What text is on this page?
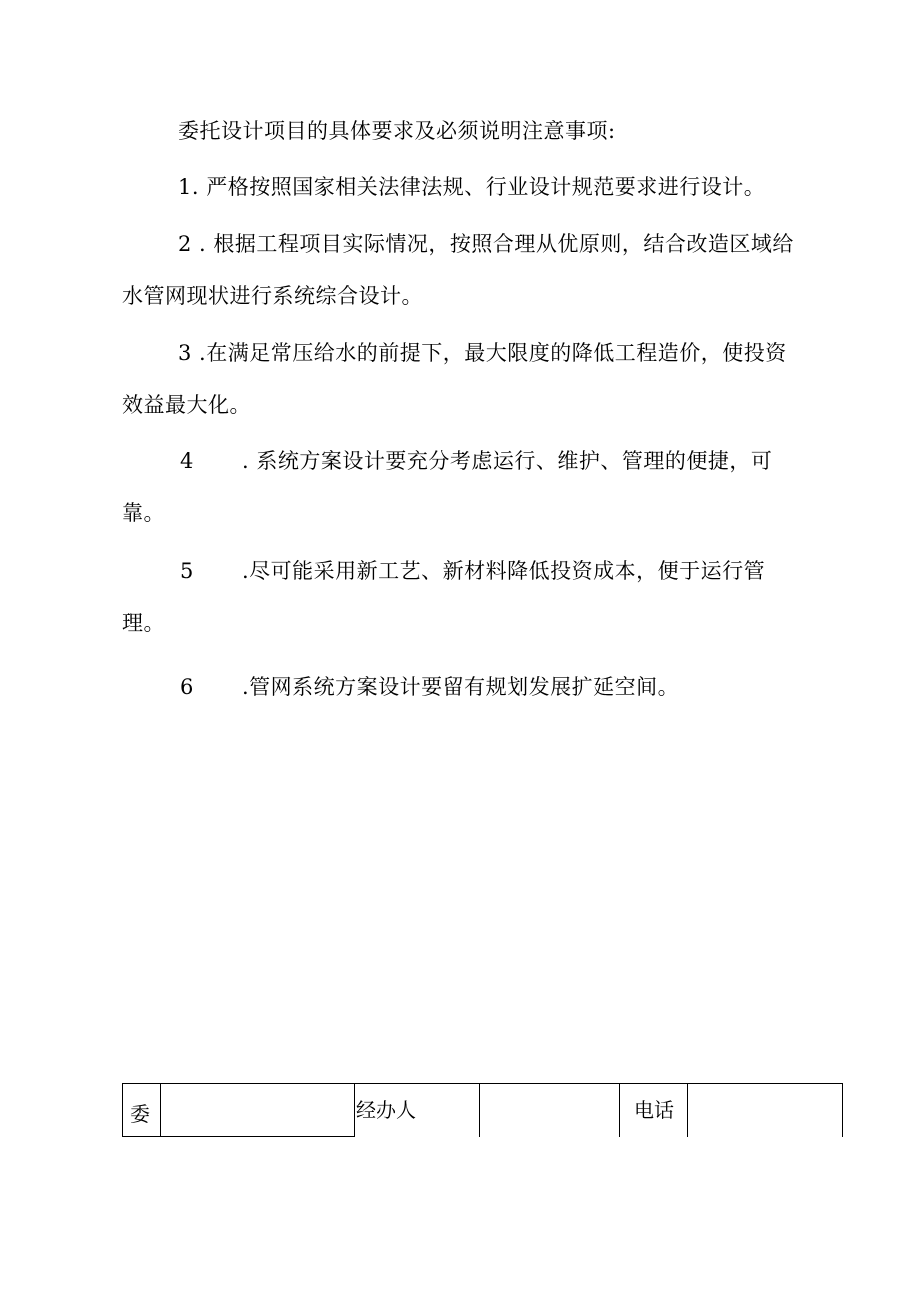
委托设计项目的具体要求及必须说明注意事项:
1. 严格按照国家相关法律法规、行业设计规范要求进行设计。
2 . 根据工程项目实际情况，按照合理从优原则，结合改造区域给
水管网现状进行系统综合设计。
3 .在满足常压给水的前提下，最大限度的降低工程造价，使投资
效益最大化。
4 . 系统方案设计要充分考虑运行、维护、管理的便捷，可
靠。
5 .尽可能采用新工艺、新材料降低投资成本，便于运行管
理。
6 .管网系统方案设计要留有规划发展扩延空间。
委	经办人	电话
